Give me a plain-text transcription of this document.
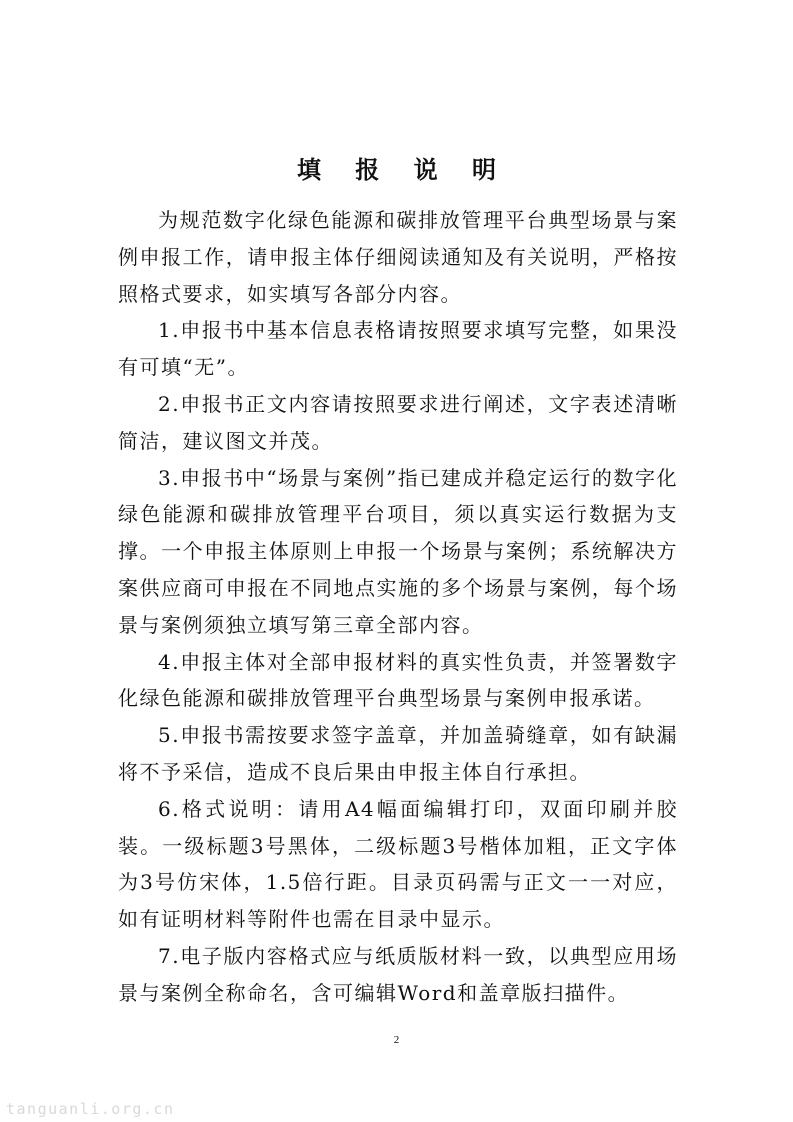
填 报 说 明

为规范数字化绿色能源和碳排放管理平台典型场景与案例申报工作，请申报主体仔细阅读通知及有关说明，严格按照格式要求，如实填写各部分内容。

1.申报书中基本信息表格请按照要求填写完整，如果没有可填“无”。

2.申报书正文内容请按照要求进行阐述，文字表述清晰简洁，建议图文并茂。

3.申报书中“场景与案例”指已建成并稳定运行的数字化绿色能源和碳排放管理平台项目，须以真实运行数据为支撑。一个申报主体原则上申报一个场景与案例；系统解决方案供应商可申报在不同地点实施的多个场景与案例，每个场景与案例须独立填写第三章全部内容。

4.申报主体对全部申报材料的真实性负责，并签署数字化绿色能源和碳排放管理平台典型场景与案例申报承诺。

5.申报书需按要求签字盖章，并加盖骑缝章，如有缺漏将不予采信，造成不良后果由申报主体自行承担。

6.格式说明：请用A4幅面编辑打印，双面印刷并胶装。一级标题3号黑体，二级标题3号楷体加粗，正文字体为3号仿宋体，1.5倍行距。目录页码需与正文一一对应，如有证明材料等附件也需在目录中显示。

7.电子版内容格式应与纸质版材料一致，以典型应用场景与案例全称命名，含可编辑Word和盖章版扫描件。

2
tanguanli.org.cn
